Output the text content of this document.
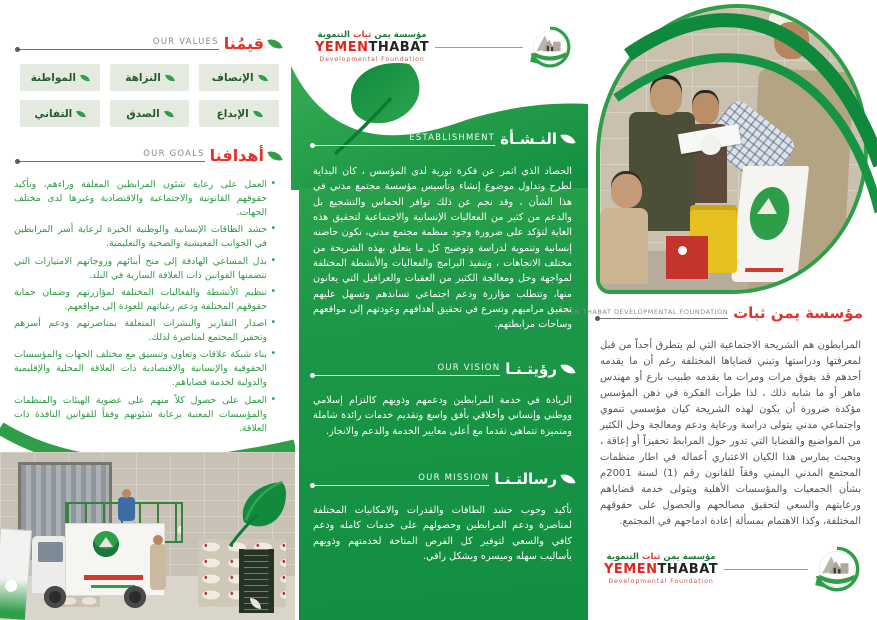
قيمُنا
OUR VALUES
الإنصاف
النزاهة
المواطنة
الإبداع
الصدق
التفاني
أهدافنا
OUR GOALS
• العمل على رعاية شئون المرابطين المعلقة وراءهم، وتأكيد حقوقهم القانونية والاجتماعية والاقتصادية وغيرها لدى مختلف الجهات.
• حشد الطاقات الإنسانية والوطنية الخيرة لرعاية أسر المرابطين في الجوانب المعيشية والصحية والتعليمية.
• بذل المساعي الهادفة إلى منح أبنائهم وزوجاتهم الامتيازات التي تتضمنها القوانين ذات العلاقة السارية في البلد.
• تنظيم الأنشطة والفعاليات المختلفة لمؤازرتهم وضمان حماية حقوقهم المختلفة ودعم رغباتهم للعودة إلى مواقعهم.
• اصدار التقارير والنشرات المتعلقة بمناصرتهم ودعم أسرهم وتحفيز المجتمع لمناصرة لذلك.
• بناء شبكة علاقات وتعاون وتنسيق مع مختلف الجهات والمؤسسات الحقوقية والإنسانية والاقتصادية ذات العلاقة المحلية والإقليمية والدولية لخدمة قضاياهم.
• العمل على حصول كلاً منهم على عضوية الهيئات والمنظمات والمؤسسات المعنية برعاية شئونهم وفقاً للقوانين النافذة ذات العلاقة.
مؤسسة يمن ثبات التنموية
YEMENTHABAT
Developmental Foundation
النـشـأة
ESTABLISHMENT

الحصاد الذي اثمر عن فكرة ثورية لدى المؤسس ، كان البداية لطرح وتداول موضوع إنشاء وتأسيس مؤسسة مجتمع مدني في هذا الشأن ، وقد نجم عن ذلك توافر الحماس والتشجيع بل والدعم من كثير من الفعاليات الإنسانية والاجتماعية لتحقيق هذه الغاية لتؤكد على ضرورة وجود منظمة مجتمع مدني، تكون حاضنه إنسانية وتنموية لدراسة وتوضيح كل ما يتعلق بهذه الشريحة من مختلف الاتجاهات ، وتنفيذ البرامج والفعاليات والأنشطة المختلفة لمواجهة وحل ومعالجة الكثير من العقبات والعراقيل التي يعانون منها، وتتطلب مؤازرة ودعم اجتماعي تساندهم وتسهل عليهم تحقيق مراميهم وتسرع في تحقيق أهدافهم وعودتهم إلى مواقعهم وساحات مرابطتهم.

رؤيتـنـا
OUR VISION

الريادة في خدمة المرابطين ودعمهم وذويهم كالتزام إسلامي ووطني وإنساني وأخلاقي بأفق واسع وتقديم خدمات رائدة شاملة ومتميزة تتماهى تقدما مع أعلى معايير الخدمة والدعم والانجاز.

رسالتـنـا
OUR MISSION

تأكيد وجوب حشد الطاقات والقدرات والامكانيات المختلفة لمناصرة ودعم المرابطين وحصولهم على خدمات كامله ودعم كافي والسعي لتوفير كل الفرص المتاحة لخدمتهم وذويهم بأساليب سهله وميسره وبشكل راقي.

مؤسسة يمن ثبات
YEMEN THABAT DEVELOPMENTAL FOUNDATION

المرابطون هم الشريحة الاجتماعية التي لم يتطرق أحداً من قبل لمعرفتها ودراستها وتبني قضاياها المختلفة رغم أن ما يقدمه أحدهم قد يفوق مرات ومرات ما يقدمه طبيب بارع أو مهندس ماهر أو ما شابه ذلك ، لذا طرأت الفكرة في ذهن المؤسس مؤكدة ضرورة أن يكون لهذه الشريحة كيان مؤسسي تنموي واجتماعي مدني يتولى دراسة ورعاية ودعم ومعالجة وحل الكثير من المواضيع والقضايا التي تدور حول المرابط تحفيزاً أو إعاقة ، وبحيث يمارس هذا الكيان الاعتباري أعماله في اطار منظمات المجتمع المدني اليمني وفقاً للقانون رقم (1) لسنة 2001م بشأن الجمعيات والمؤسسات الأهلية ويتولى خدمة قضاياهم ورعايتهم والسعي لتحقيق مصالحهم والحصول على حقوقهم المختلفة، وكذا الاهتمام بمسألة إعادة ادماجهم في المجتمع.

مؤسسة يمن ثبات التنموية
YEMENTHABAT
Developmental Foundation
